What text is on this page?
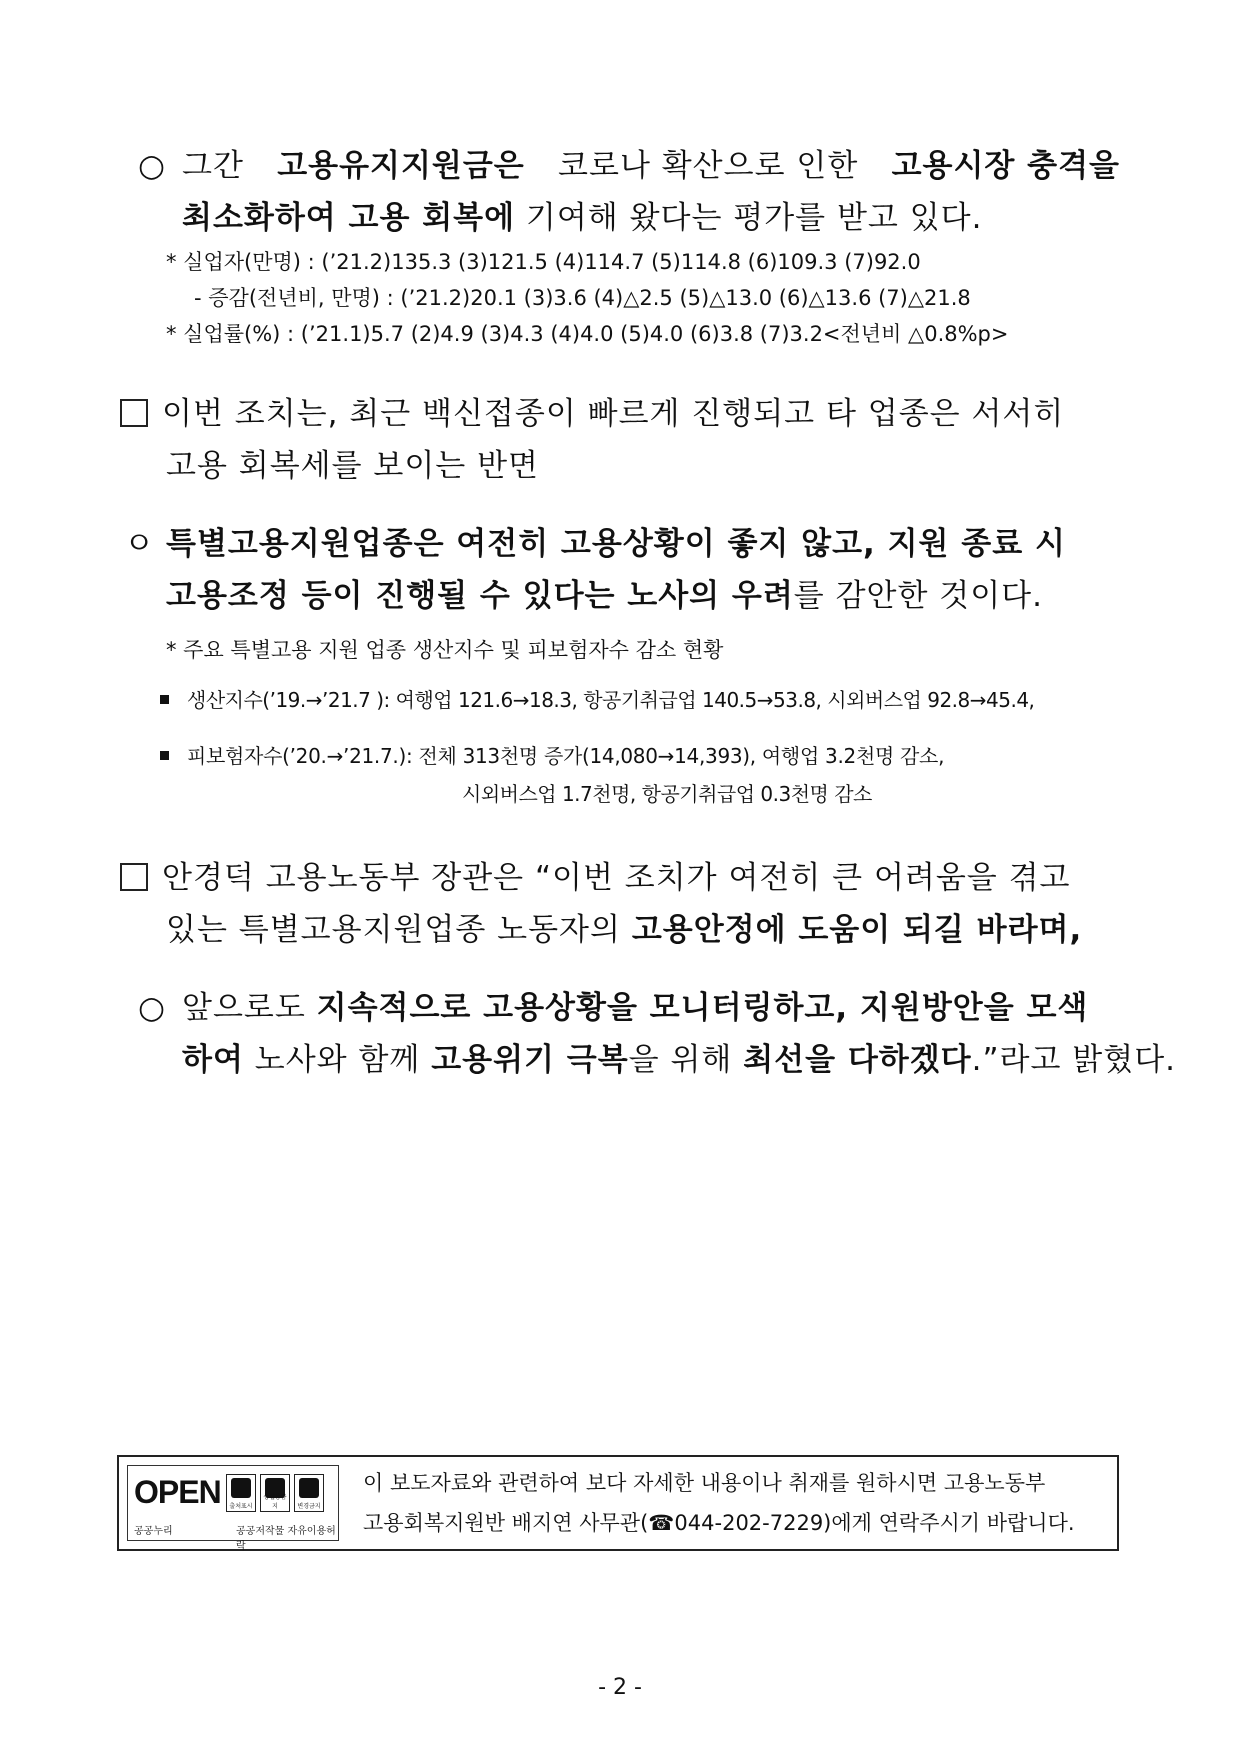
○ 그간 고용유지지원금은 코로나 확산으로 인한 고용시장 충격을
최소화하여 고용 회복에 기여해 왔다는 평가를 받고 있다.
* 실업자(만명) : (’21.2)135.3 (3)121.5 (4)114.7 (5)114.8 (6)109.3 (7)92.0
- 증감(전년비, 만명) : (’21.2)20.1 (3)3.6 (4)△2.5 (5)△13.0 (6)△13.6 (7)△21.8
* 실업률(%) : (’21.1)5.7 (2)4.9 (3)4.3 (4)4.0 (5)4.0 (6)3.8 (7)3.2<전년비 △0.8%p>
이번 조치는, 최근 백신접종이 빠르게 진행되고 타 업종은 서서히
고용 회복세를 보이는 반면
ㅇ 특별고용지원업종은 여전히 고용상황이 좋지 않고, 지원 종료 시
고용조정 등이 진행될 수 있다는 노사의 우려를 감안한 것이다.
* 주요 특별고용 지원 업종 생산지수 및 피보험자수 감소 현황
생산지수(’19.→’21.7 ): 여행업 121.6→18.3, 항공기취급업 140.5→53.8, 시외버스업 92.8→45.4,
피보험자수(’20.→’21.7.): 전체 313천명 증가(14,080→14,393), 여행업 3.2천명 감소,
시외버스업 1.7천명, 항공기취급업 0.3천명 감소
안경덕 고용노동부 장관은 “이번 조치가 여전히 큰 어려움을 겪고
있는 특별고용지원업종 노동자의 고용안정에 도움이 되길 바라며,
○ 앞으로도 지속적으로 고용상황을 모니터링하고, 지원방안을 모색
하여 노사와 함께 고용위기 극복을 위해 최선을 다하겠다.”라고 밝혔다.
OPEN	출처표시
상업용금지	변경금지
공공누리	공공저작물 자유이용허락
이 보도자료와 관련하여 보다 자세한 내용이나 취재를 원하시면 고용노동부
고용회복지원반 배지연 사무관(☎044-202-7229)에게 연락주시기 바랍니다.
- 2 -
